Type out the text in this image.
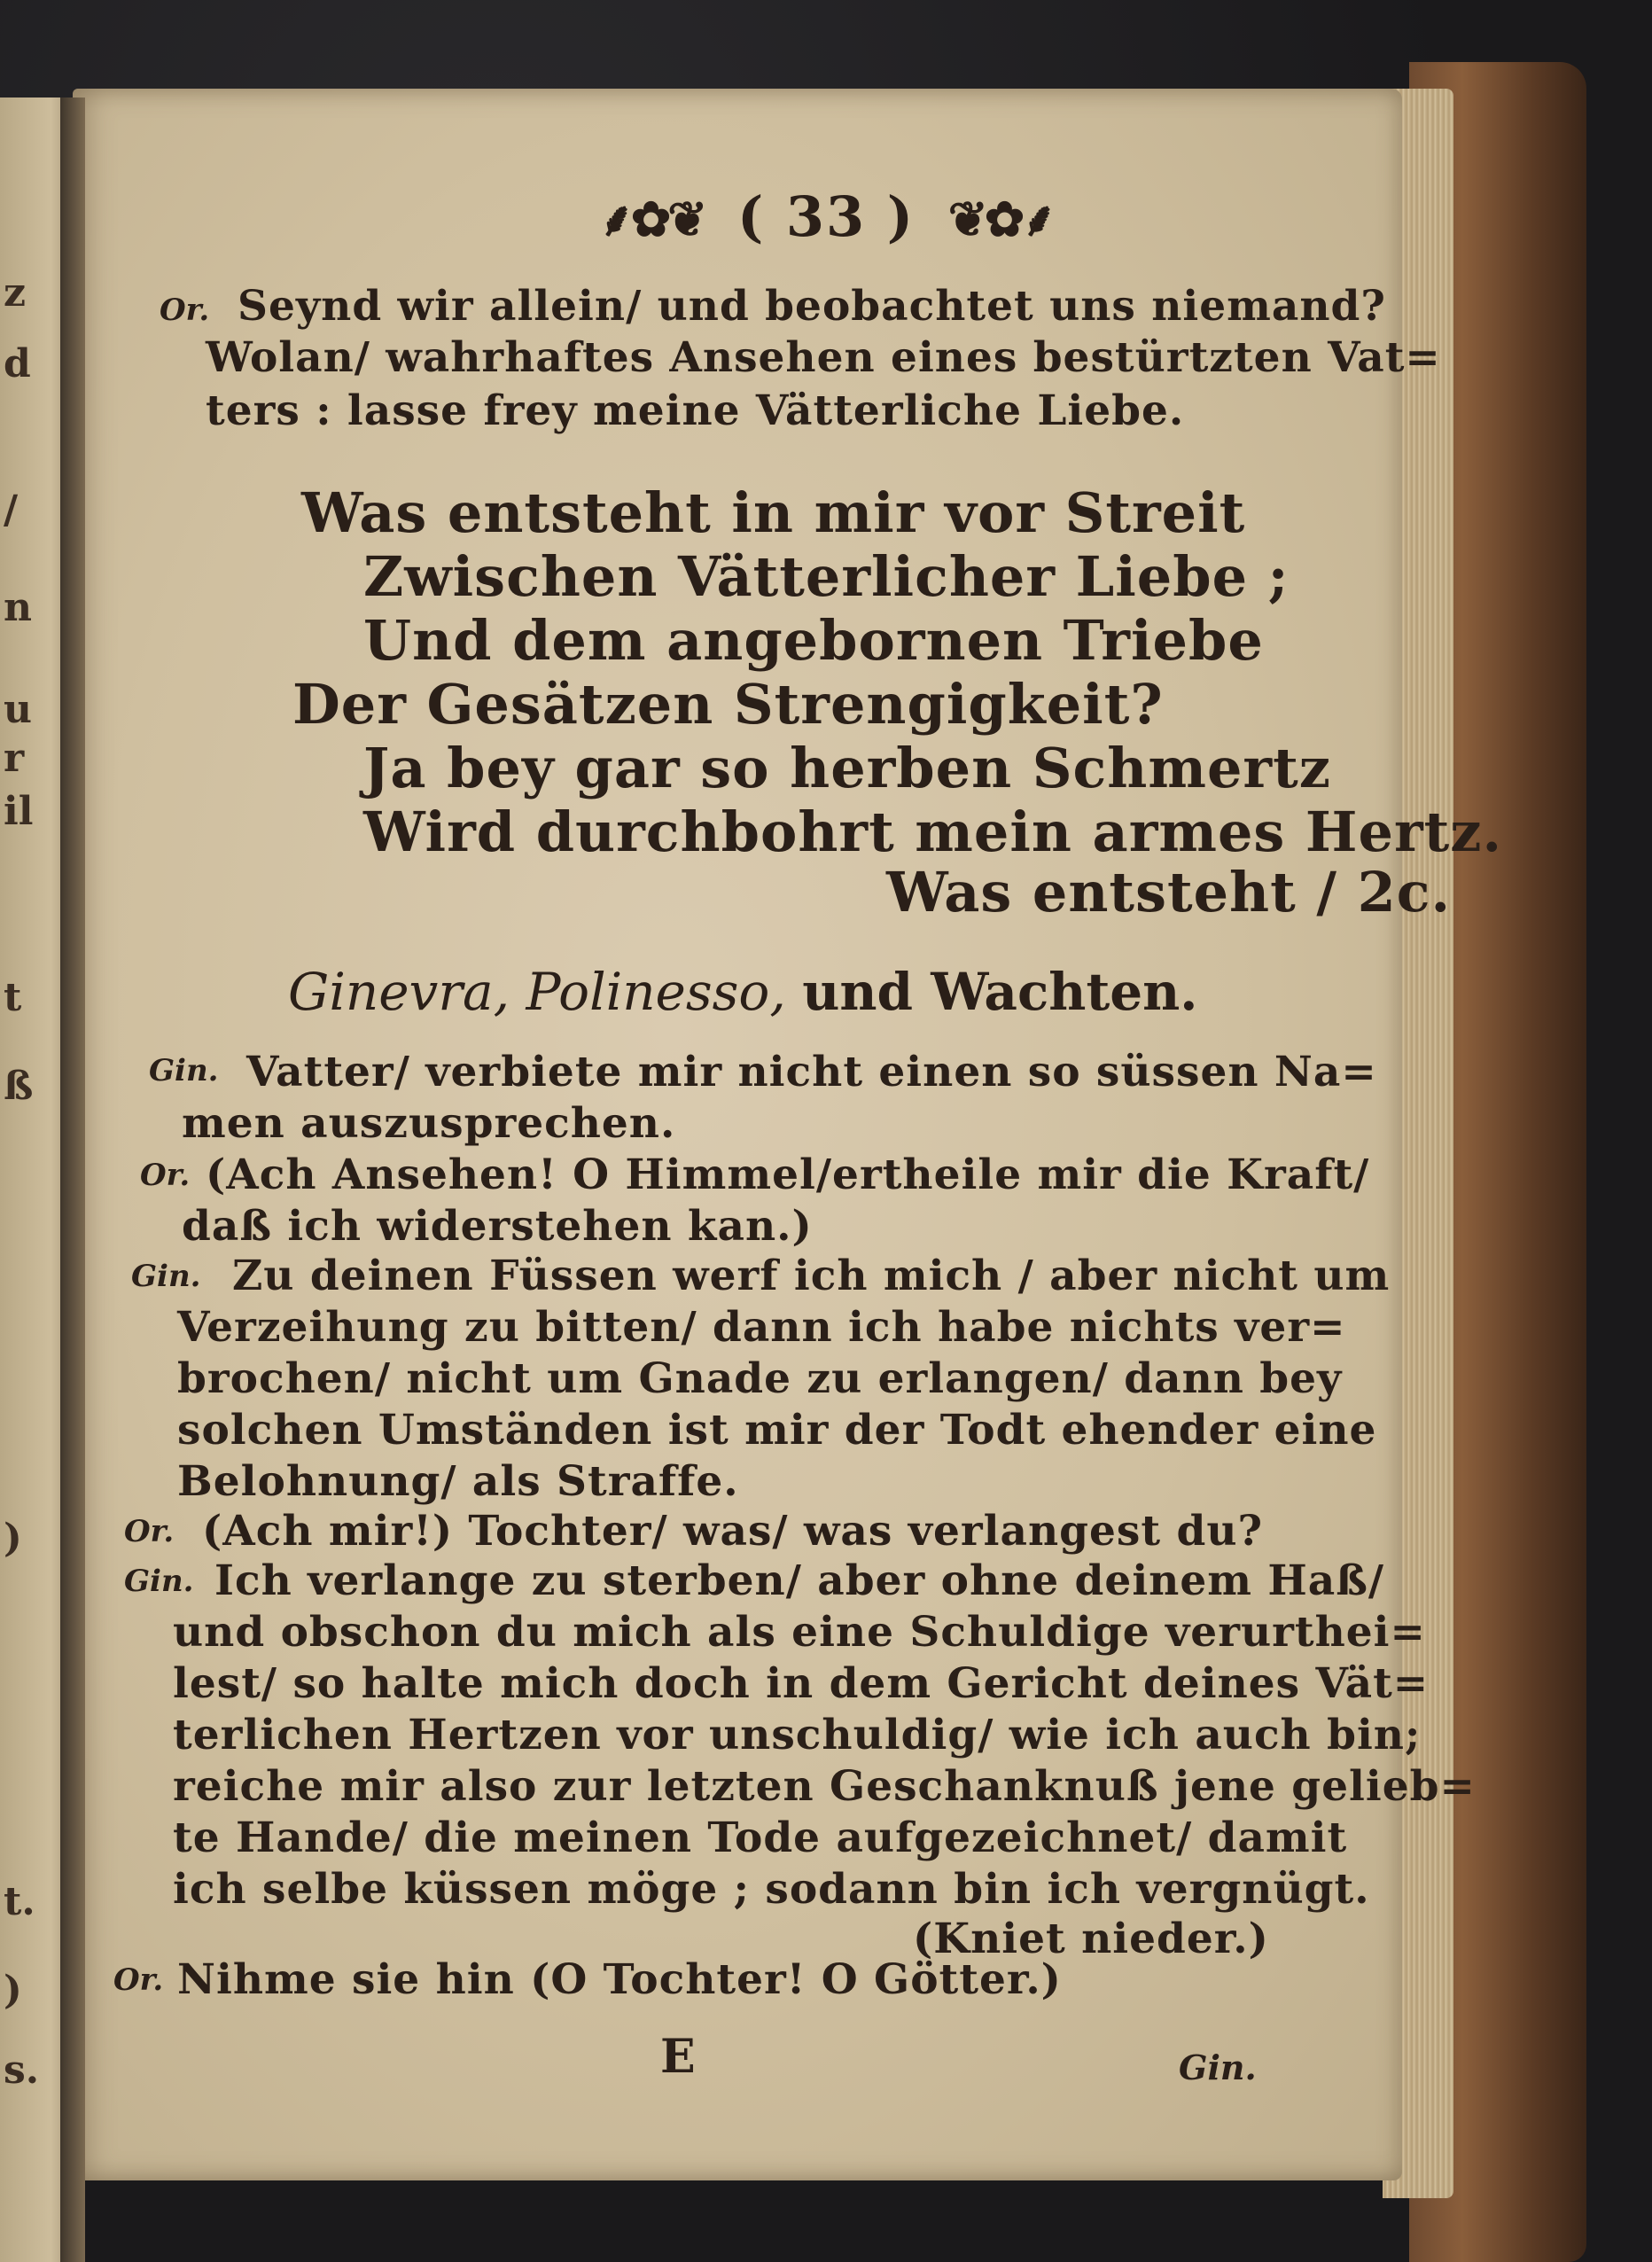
z
d
/
n
u
r
il
t
ß
)
t.
)
s.
⸙✿❦ ( 33 ) ❦✿⸙
Or. Seynd wir allein/ und beobachtet uns niemand?
Wolan/ wahrhaftes Ansehen eines bestürtzten Vat=
ters : lasse frey meine Vätterliche Liebe.
Was entsteht in mir vor Streit
Zwischen Vätterlicher Liebe ;
Und dem angebornen Triebe
Der Gesätzen Strengigkeit?
Ja bey gar so herben Schmertz
Wird durchbohrt mein armes Hertz.
Was entsteht / 2c.
Ginevra, Polinesso, und Wachten.
Gin. Vatter/ verbiete mir nicht einen so süssen Na=
men auszusprechen.
Or. (Ach Ansehen! O Himmel/ertheile mir die Kraft/
daß ich widerstehen kan.)
Gin. Zu deinen Füssen werf ich mich / aber nicht um
Verzeihung zu bitten/ dann ich habe nichts ver=
brochen/ nicht um Gnade zu erlangen/ dann bey
solchen Umständen ist mir der Todt ehender eine
Belohnung/ als Straffe.
Or. (Ach mir!) Tochter/ was/ was verlangest du?
Gin. Ich verlange zu sterben/ aber ohne deinem Haß/
und obschon du mich als eine Schuldige verurthei=
lest/ so halte mich doch in dem Gericht deines Vät=
terlichen Hertzen vor unschuldig/ wie ich auch bin;
reiche mir also zur letzten Geschanknuß jene gelieb=
te Hande/ die meinen Tode aufgezeichnet/ damit
ich selbe küssen möge ; sodann bin ich vergnügt.
(Kniet nieder.)
Or. Nihme sie hin (O Tochter! O Götter.)
E	Gin.
